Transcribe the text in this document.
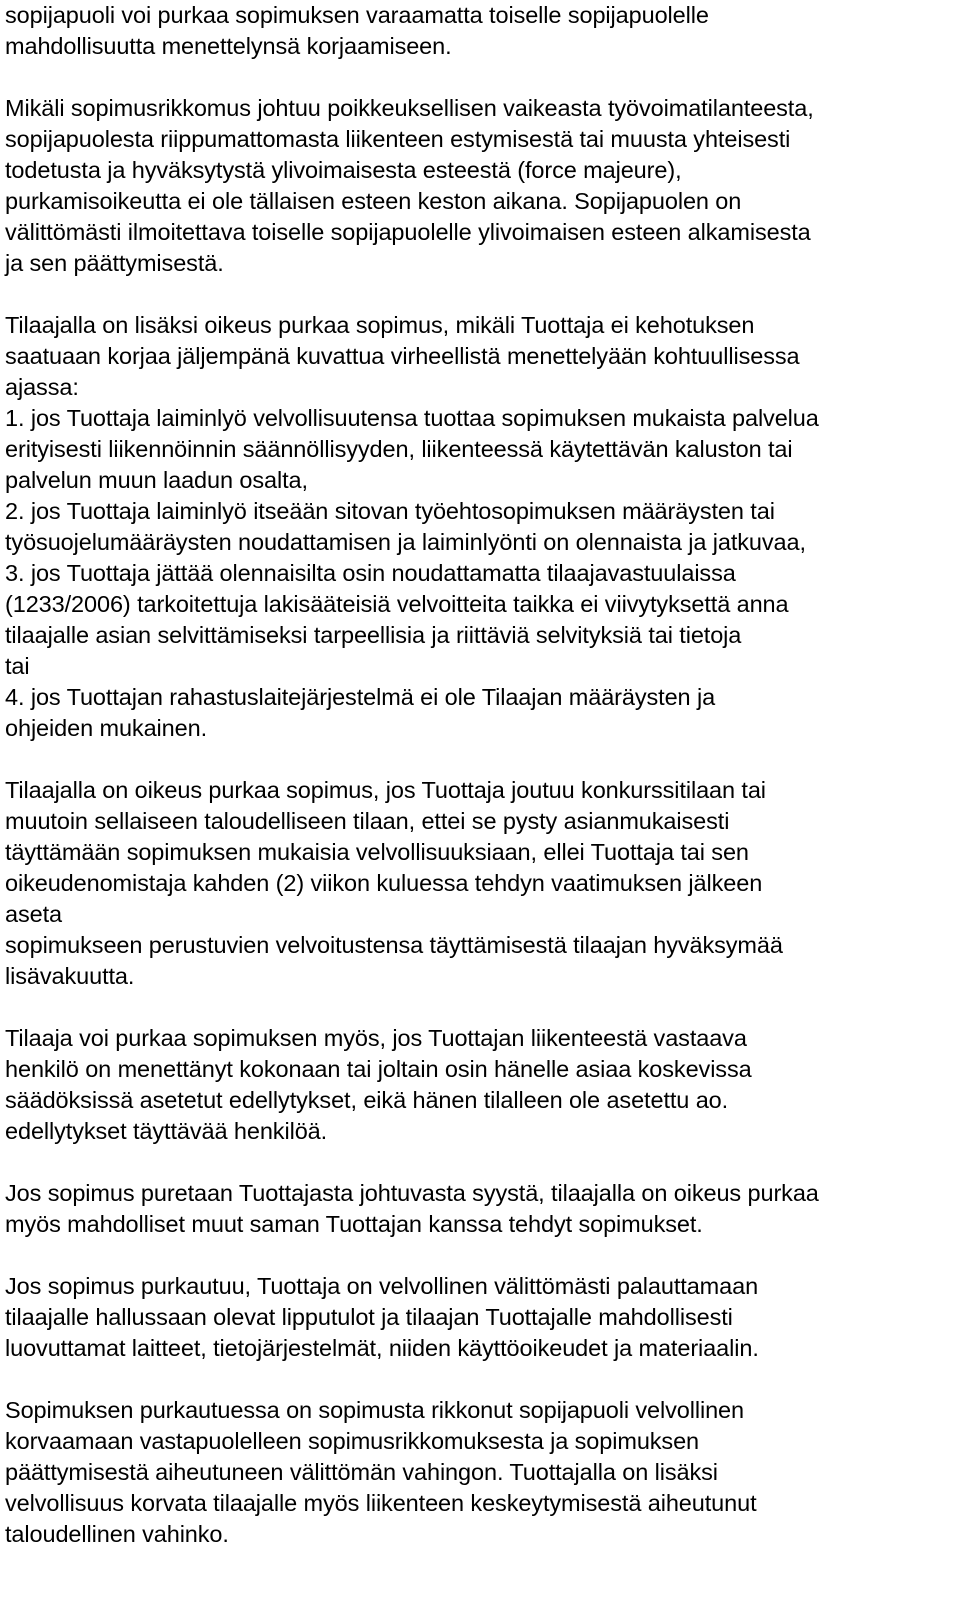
sopijapuoli voi purkaa sopimuksen varaamatta toiselle sopijapuolelle
mahdollisuutta menettelynsä korjaamiseen.
Mikäli sopimusrikkomus johtuu poikkeuksellisen vaikeasta työvoimatilanteesta,
sopijapuolesta riippumattomasta liikenteen estymisestä tai muusta yhteisesti
todetusta ja hyväksytystä ylivoimaisesta esteestä (force majeure),
purkamisoikeutta ei ole tällaisen esteen keston aikana. Sopijapuolen on
välittömästi ilmoitettava toiselle sopijapuolelle ylivoimaisen esteen alkamisesta
ja sen päättymisestä.
Tilaajalla on lisäksi oikeus purkaa sopimus, mikäli Tuottaja ei kehotuksen
saatuaan korjaa jäljempänä kuvattua virheellistä menettelyään kohtuullisessa
ajassa:
1. jos Tuottaja laiminlyö velvollisuutensa tuottaa sopimuksen mukaista palvelua
erityisesti liikennöinnin säännöllisyyden, liikenteessä käytettävän kaluston tai
palvelun muun laadun osalta,
2. jos Tuottaja laiminlyö itseään sitovan työehtosopimuksen määräysten tai
työsuojelumääräysten noudattamisen ja laiminlyönti on olennaista ja jatkuvaa,
3. jos Tuottaja jättää olennaisilta osin noudattamatta tilaajavastuulaissa
(1233/2006) tarkoitettuja lakisääteisiä velvoitteita taikka ei viivytyksettä anna
tilaajalle asian selvittämiseksi tarpeellisia ja riittäviä selvityksiä tai tietoja
tai
4. jos Tuottajan rahastuslaitejärjestelmä ei ole Tilaajan määräysten ja
ohjeiden mukainen.
Tilaajalla on oikeus purkaa sopimus, jos Tuottaja joutuu konkurssitilaan tai
muutoin sellaiseen taloudelliseen tilaan, ettei se pysty asianmukaisesti
täyttämään sopimuksen mukaisia velvollisuuksiaan, ellei Tuottaja tai sen
oikeudenomistaja kahden (2) viikon kuluessa tehdyn vaatimuksen jälkeen
aseta
sopimukseen perustuvien velvoitustensa täyttämisestä tilaajan hyväksymää
lisävakuutta.
Tilaaja voi purkaa sopimuksen myös, jos Tuottajan liikenteestä vastaava
henkilö on menettänyt kokonaan tai joltain osin hänelle asiaa koskevissa
säädöksissä asetetut edellytykset, eikä hänen tilalleen ole asetettu ao.
edellytykset täyttävää henkilöä.
Jos sopimus puretaan Tuottajasta johtuvasta syystä, tilaajalla on oikeus purkaa
myös mahdolliset muut saman Tuottajan kanssa tehdyt sopimukset.
Jos sopimus purkautuu, Tuottaja on velvollinen välittömästi palauttamaan
tilaajalle hallussaan olevat lipputulot ja tilaajan Tuottajalle mahdollisesti
luovuttamat laitteet, tietojärjestelmät, niiden käyttöoikeudet ja materiaalin.
Sopimuksen purkautuessa on sopimusta rikkonut sopijapuoli velvollinen
korvaamaan vastapuolelleen sopimusrikkomuksesta ja sopimuksen
päättymisestä aiheutuneen välittömän vahingon. Tuottajalla on lisäksi
velvollisuus korvata tilaajalle myös liikenteen keskeytymisestä aiheutunut
taloudellinen vahinko.
